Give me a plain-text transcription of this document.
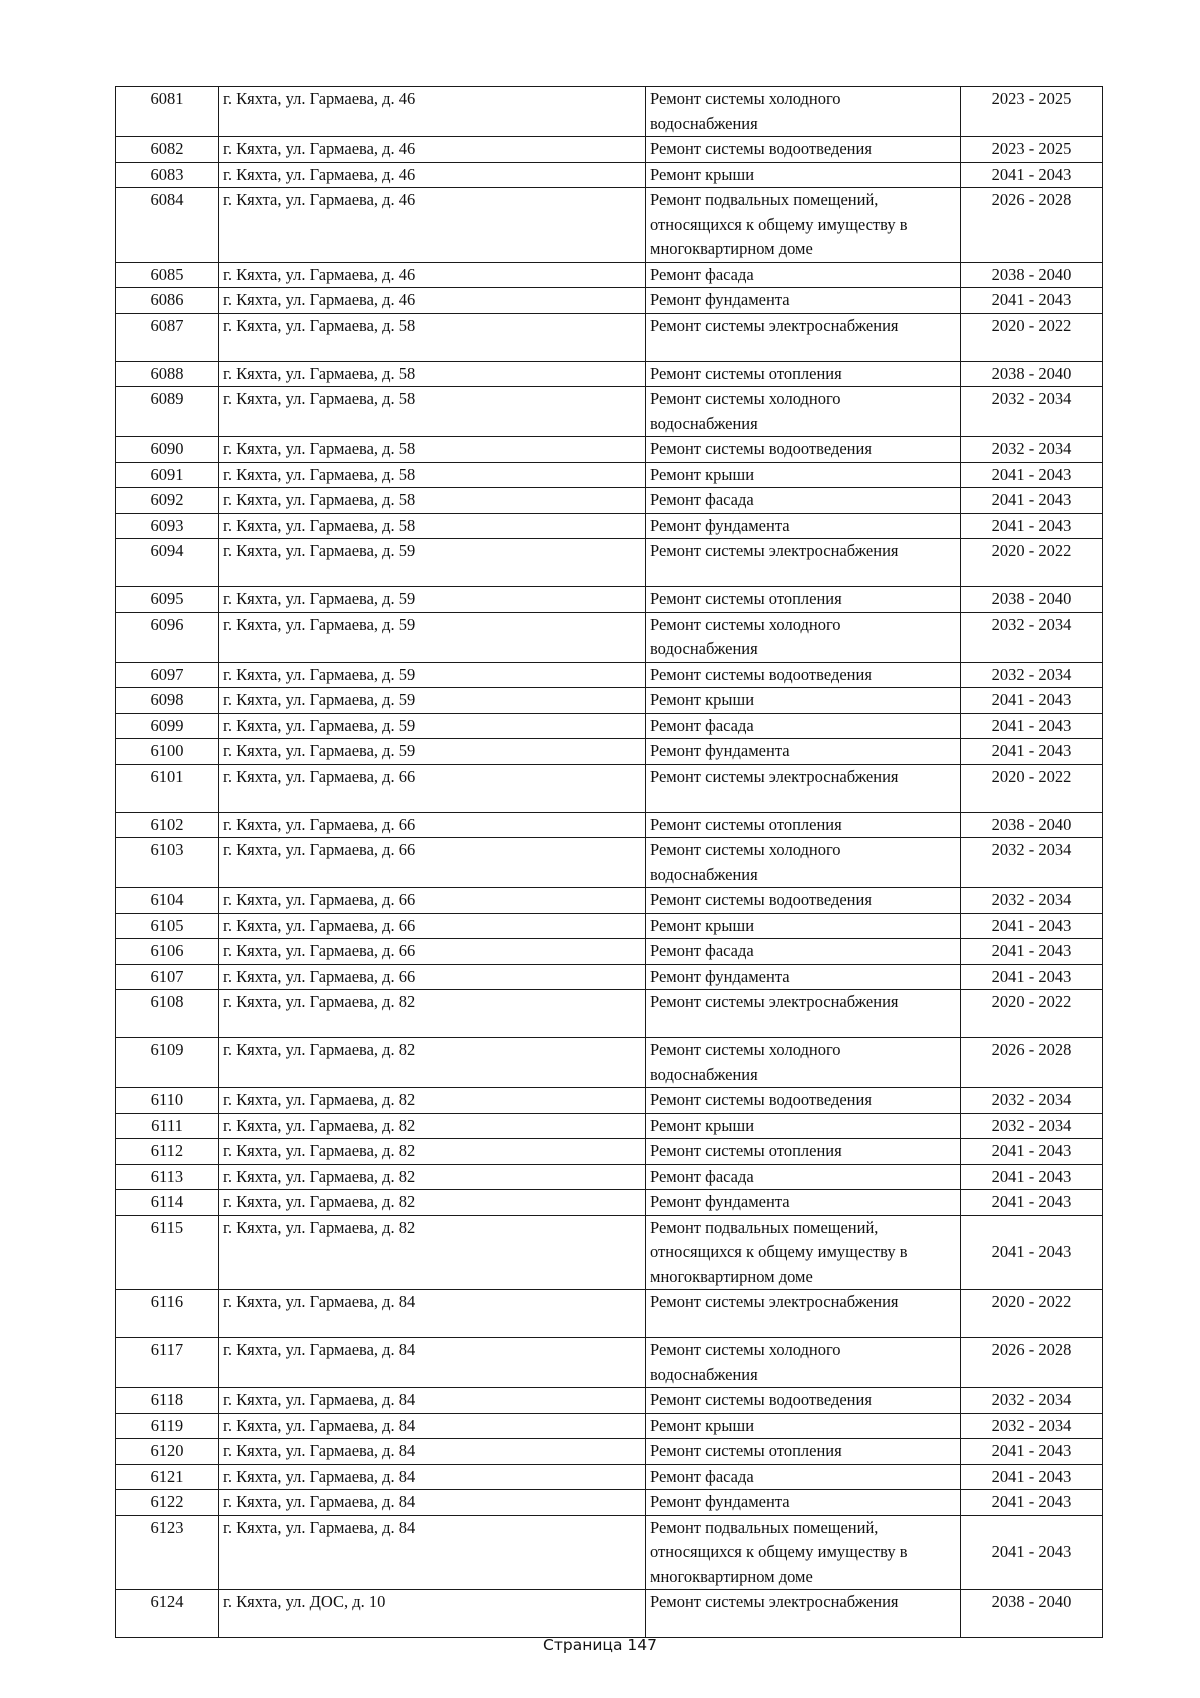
6081	г. Кяхта, ул. Гармаева, д. 46	Ремонт системы холодного
водоснабжения	2023 - 2025
6082	г. Кяхта, ул. Гармаева, д. 46	Ремонт системы водоотведения	2023 - 2025
6083	г. Кяхта, ул. Гармаева, д. 46	Ремонт крыши	2041 - 2043
6084	г. Кяхта, ул. Гармаева, д. 46	Ремонт подвальных помещений,
относящихся к общему имуществу в
многоквартирном доме	2026 - 2028
6085	г. Кяхта, ул. Гармаева, д. 46	Ремонт фасада	2038 - 2040
6086	г. Кяхта, ул. Гармаева, д. 46	Ремонт фундамента	2041 - 2043
6087	г. Кяхта, ул. Гармаева, д. 58	Ремонт системы электроснабжения	2020 - 2022
6088	г. Кяхта, ул. Гармаева, д. 58	Ремонт системы отопления	2038 - 2040
6089	г. Кяхта, ул. Гармаева, д. 58	Ремонт системы холодного
водоснабжения	2032 - 2034
6090	г. Кяхта, ул. Гармаева, д. 58	Ремонт системы водоотведения	2032 - 2034
6091	г. Кяхта, ул. Гармаева, д. 58	Ремонт крыши	2041 - 2043
6092	г. Кяхта, ул. Гармаева, д. 58	Ремонт фасада	2041 - 2043
6093	г. Кяхта, ул. Гармаева, д. 58	Ремонт фундамента	2041 - 2043
6094	г. Кяхта, ул. Гармаева, д. 59	Ремонт системы электроснабжения	2020 - 2022
6095	г. Кяхта, ул. Гармаева, д. 59	Ремонт системы отопления	2038 - 2040
6096	г. Кяхта, ул. Гармаева, д. 59	Ремонт системы холодного
водоснабжения	2032 - 2034
6097	г. Кяхта, ул. Гармаева, д. 59	Ремонт системы водоотведения	2032 - 2034
6098	г. Кяхта, ул. Гармаева, д. 59	Ремонт крыши	2041 - 2043
6099	г. Кяхта, ул. Гармаева, д. 59	Ремонт фасада	2041 - 2043
6100	г. Кяхта, ул. Гармаева, д. 59	Ремонт фундамента	2041 - 2043
6101	г. Кяхта, ул. Гармаева, д. 66	Ремонт системы электроснабжения	2020 - 2022
6102	г. Кяхта, ул. Гармаева, д. 66	Ремонт системы отопления	2038 - 2040
6103	г. Кяхта, ул. Гармаева, д. 66	Ремонт системы холодного
водоснабжения	2032 - 2034
6104	г. Кяхта, ул. Гармаева, д. 66	Ремонт системы водоотведения	2032 - 2034
6105	г. Кяхта, ул. Гармаева, д. 66	Ремонт крыши	2041 - 2043
6106	г. Кяхта, ул. Гармаева, д. 66	Ремонт фасада	2041 - 2043
6107	г. Кяхта, ул. Гармаева, д. 66	Ремонт фундамента	2041 - 2043
6108	г. Кяхта, ул. Гармаева, д. 82	Ремонт системы электроснабжения	2020 - 2022
6109	г. Кяхта, ул. Гармаева, д. 82	Ремонт системы холодного
водоснабжения	2026 - 2028
6110	г. Кяхта, ул. Гармаева, д. 82	Ремонт системы водоотведения	2032 - 2034
6111	г. Кяхта, ул. Гармаева, д. 82	Ремонт крыши	2032 - 2034
6112	г. Кяхта, ул. Гармаева, д. 82	Ремонт системы отопления	2041 - 2043
6113	г. Кяхта, ул. Гармаева, д. 82	Ремонт фасада	2041 - 2043
6114	г. Кяхта, ул. Гармаева, д. 82	Ремонт фундамента	2041 - 2043
6115	г. Кяхта, ул. Гармаева, д. 82	Ремонт подвальных помещений,
относящихся к общему имуществу в
многоквартирном доме	2041 - 2043
6116	г. Кяхта, ул. Гармаева, д. 84	Ремонт системы электроснабжения	2020 - 2022
6117	г. Кяхта, ул. Гармаева, д. 84	Ремонт системы холодного
водоснабжения	2026 - 2028
6118	г. Кяхта, ул. Гармаева, д. 84	Ремонт системы водоотведения	2032 - 2034
6119	г. Кяхта, ул. Гармаева, д. 84	Ремонт крыши	2032 - 2034
6120	г. Кяхта, ул. Гармаева, д. 84	Ремонт системы отопления	2041 - 2043
6121	г. Кяхта, ул. Гармаева, д. 84	Ремонт фасада	2041 - 2043
6122	г. Кяхта, ул. Гармаева, д. 84	Ремонт фундамента	2041 - 2043
6123	г. Кяхта, ул. Гармаева, д. 84	Ремонт подвальных помещений,
относящихся к общему имуществу в
многоквартирном доме	2041 - 2043
6124	г. Кяхта, ул. ДОС, д. 10	Ремонт системы электроснабжения	2038 - 2040
Страница 147
